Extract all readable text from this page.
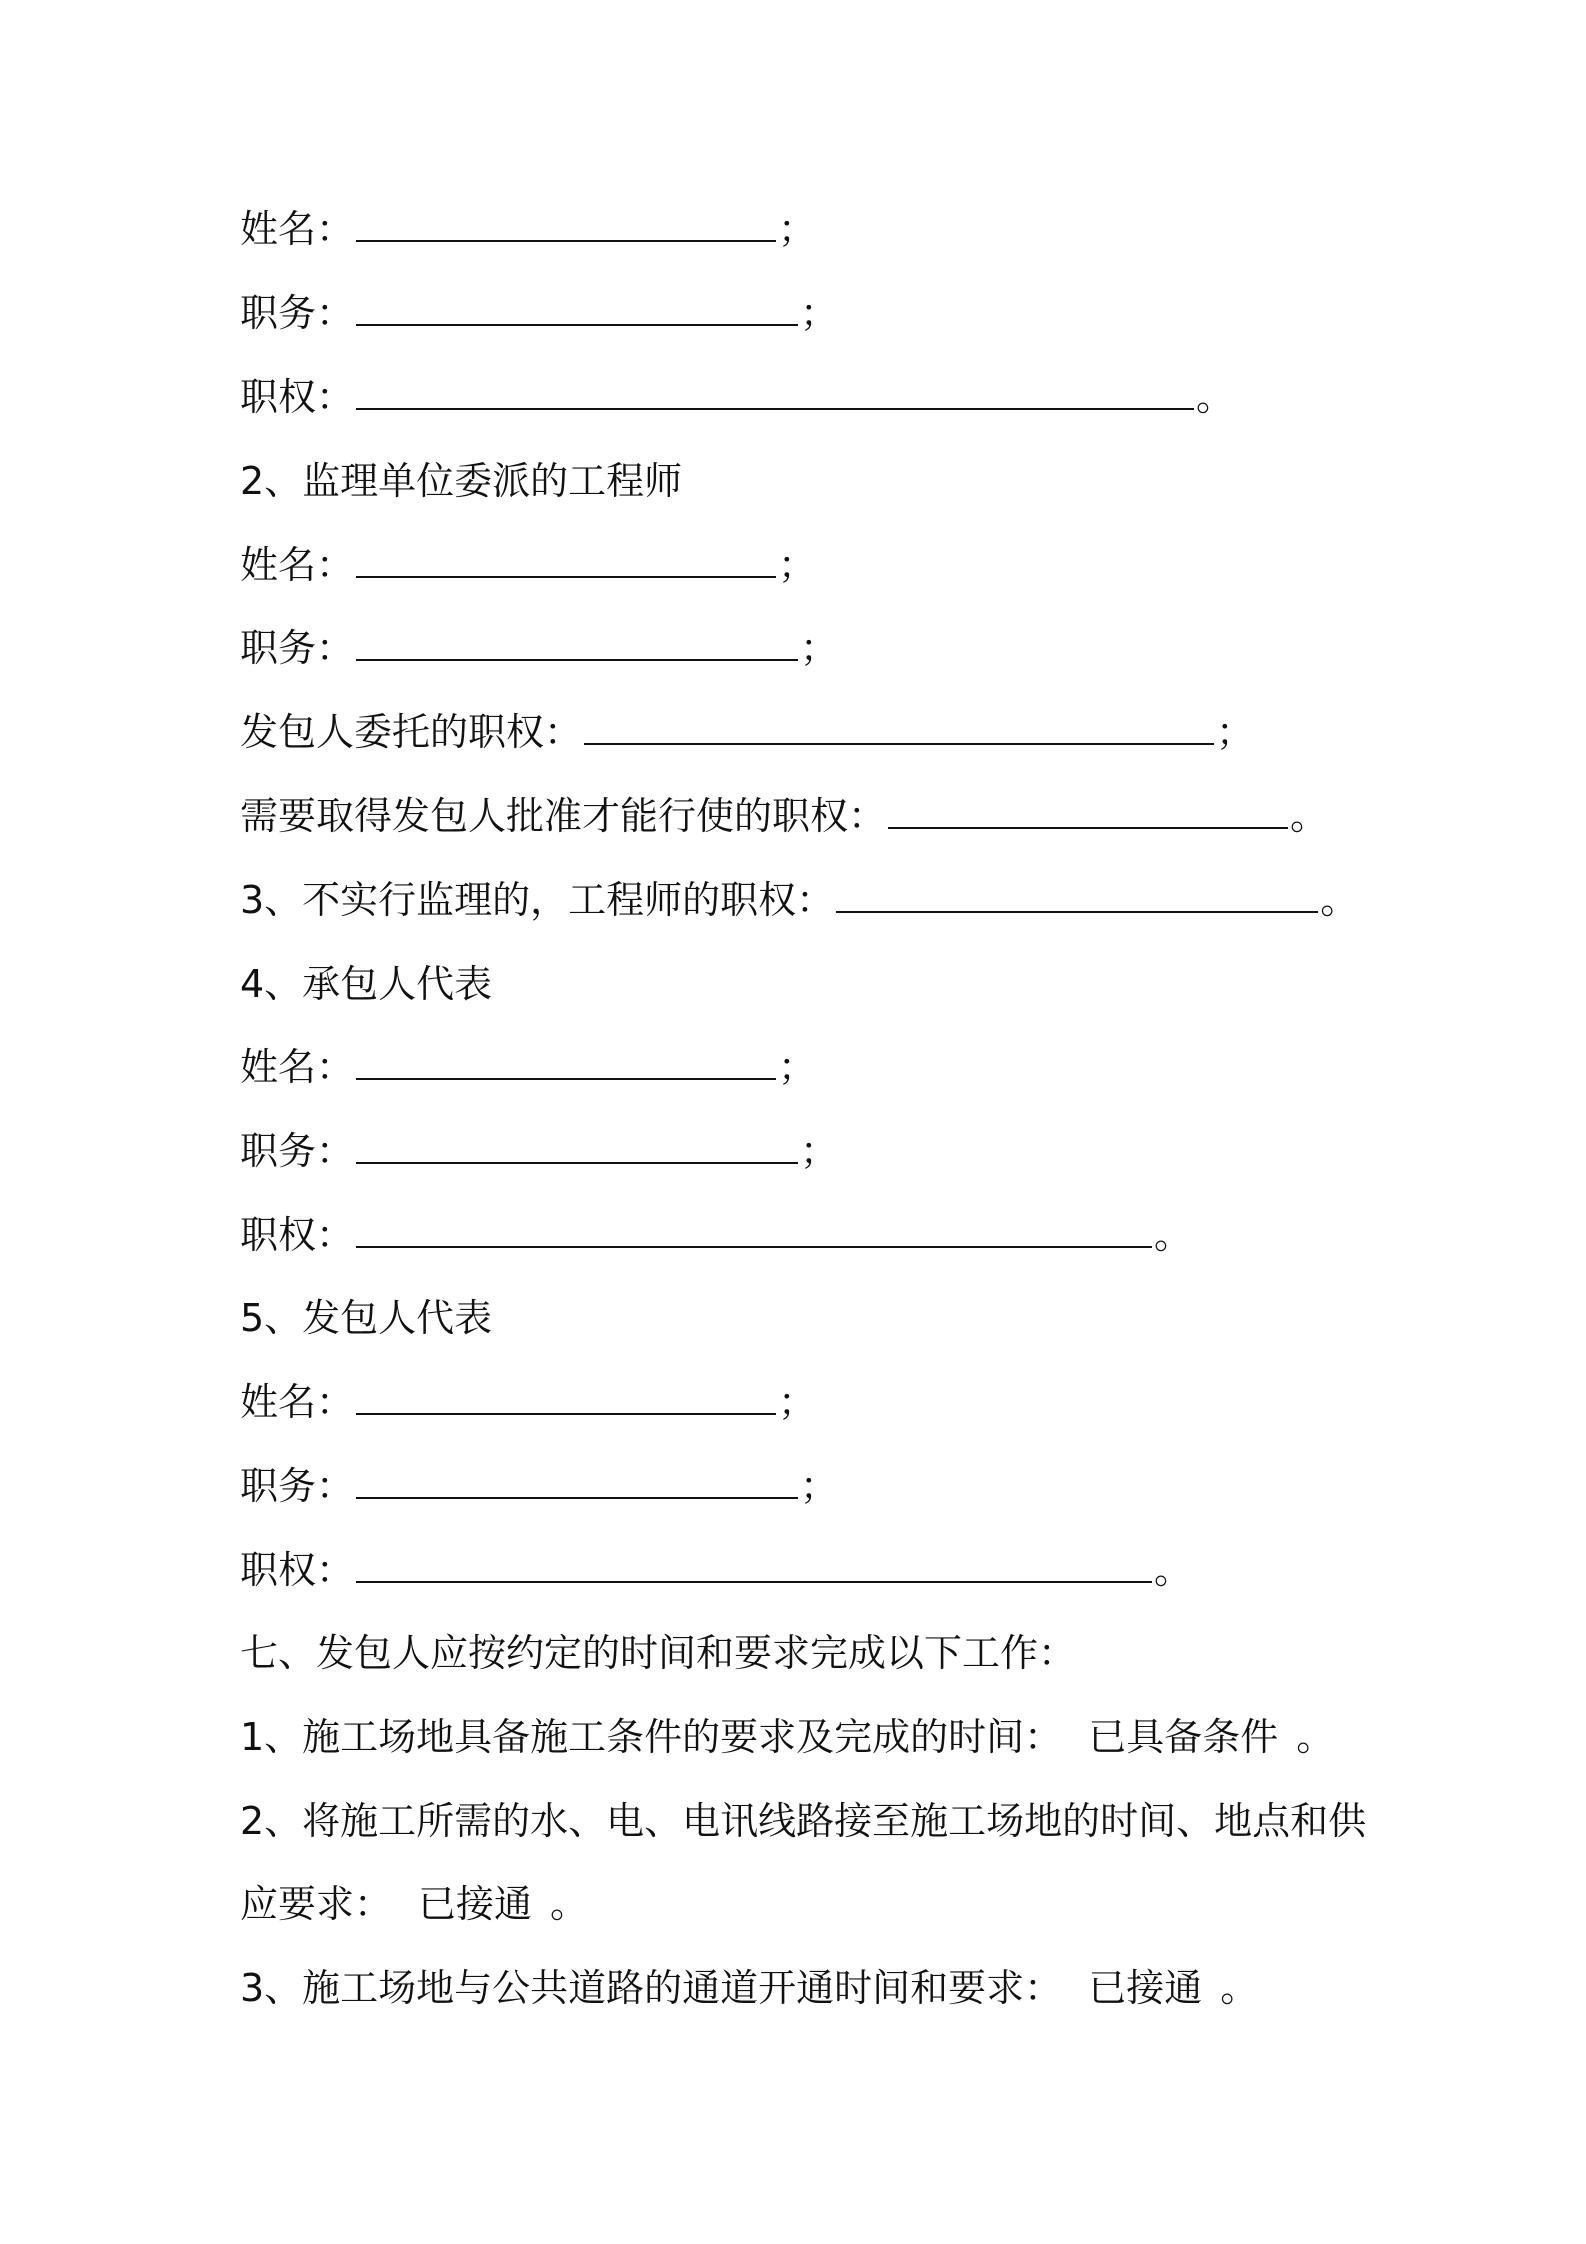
姓名：	；
职务：	；
职权：	。
2、监理单位委派的工程师
姓名：	；
职务：	；
发包人委托的职权：	；
需要取得发包人批准才能行使的职权：	。
3、不实行监理的，工程师的职权：	。
4、承包人代表
姓名：	；
职务：	；
职权：	。
5、发包人代表
姓名：	；
职务：	；
职权：	。
七、发包人应按约定的时间和要求完成以下工作：
1、施工场地具备施工条件的要求及完成的时间： 已具备条件 。
2、将施工所需的水、电、电讯线路接至施工场地的时间、地点和供
应要求： 已接通 。
3、施工场地与公共道路的通道开通时间和要求： 已接通 。
